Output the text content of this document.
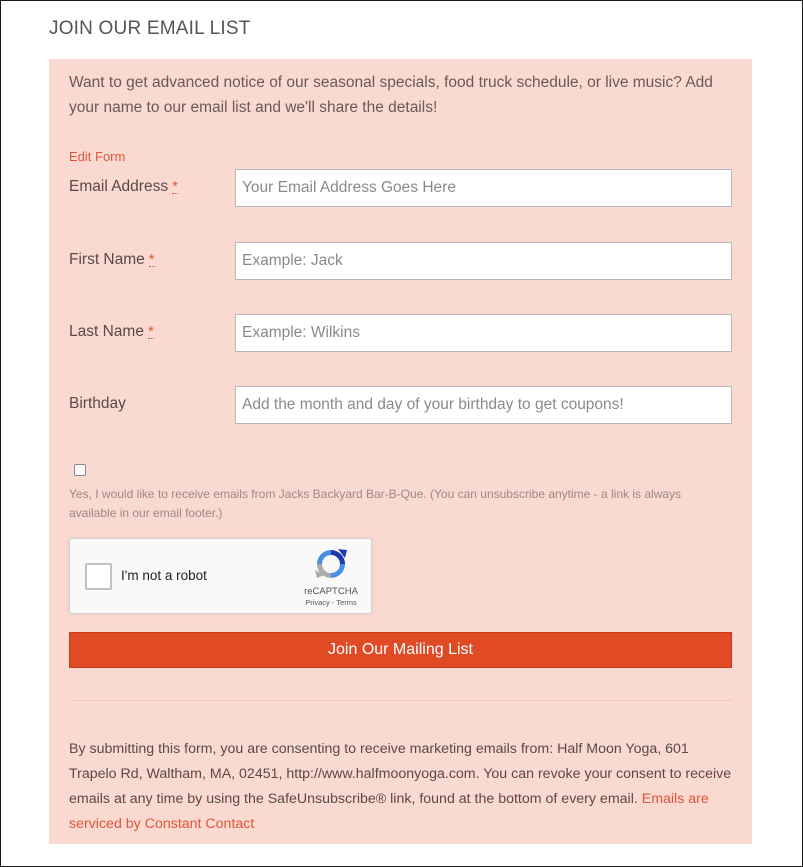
JOIN OUR EMAIL LIST
Want to get advanced notice of our seasonal specials, food truck schedule, or live music? Add your name to our email list and we'll share the details!
Edit Form
Email Address *
Your Email Address Goes Here
First Name *
Example: Jack
Last Name *
Example: Wilkins
Birthday
Add the month and day of your birthday to get coupons!
Yes, I would like to receive emails from Jacks Backyard Bar-B-Que. (You can unsubscribe anytime - a link is always available in our email footer.)
I'm not a robot
reCAPTCHA
Privacy - Terms
Join Our Mailing List
By submitting this form, you are consenting to receive marketing emails from: Half Moon Yoga, 601 Trapelo Rd, Waltham, MA, 02451, http://www.halfmoonyoga.com. You can revoke your consent to receive emails at any time by using the SafeUnsubscribe® link, found at the bottom of every email. Emails are serviced by Constant Contact
